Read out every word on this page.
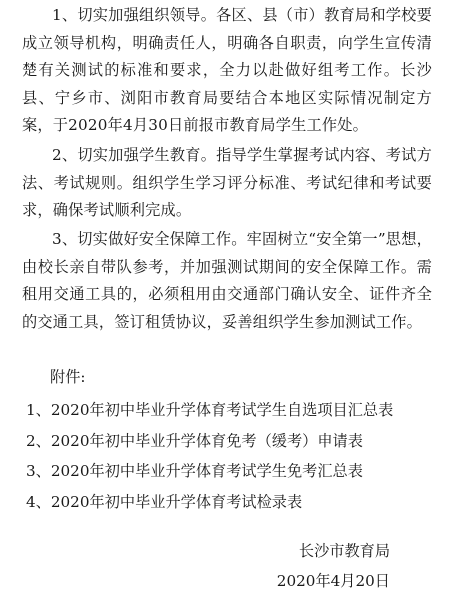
1、切实加强组织领导。各区、县（市）教育局和学校要成立领导机构，明确责任人，明确各自职责，向学生宣传清楚有关测试的标准和要求，全力以赴做好组考工作。长沙县、宁乡市、浏阳市教育局要结合本地区实际情况制定方案，于2020年4月30日前报市教育局学生工作处。

2、切实加强学生教育。指导学生掌握考试内容、考试方法、考试规则。组织学生学习评分标准、考试纪律和考试要求，确保考试顺利完成。

3、切实做好安全保障工作。牢固树立“安全第一”思想，由校长亲自带队参考，并加强测试期间的安全保障工作。需租用交通工具的，必须租用由交通部门确认安全、证件齐全的交通工具，签订租赁协议，妥善组织学生参加测试工作。

附件:

1、2020年初中毕业升学体育考试学生自选项目汇总表
2、2020年初中毕业升学体育免考（缓考）申请表
3、2020年初中毕业升学体育考试学生免考汇总表
4、2020年初中毕业升学体育考试检录表

长沙市教育局

2020年4月20日
